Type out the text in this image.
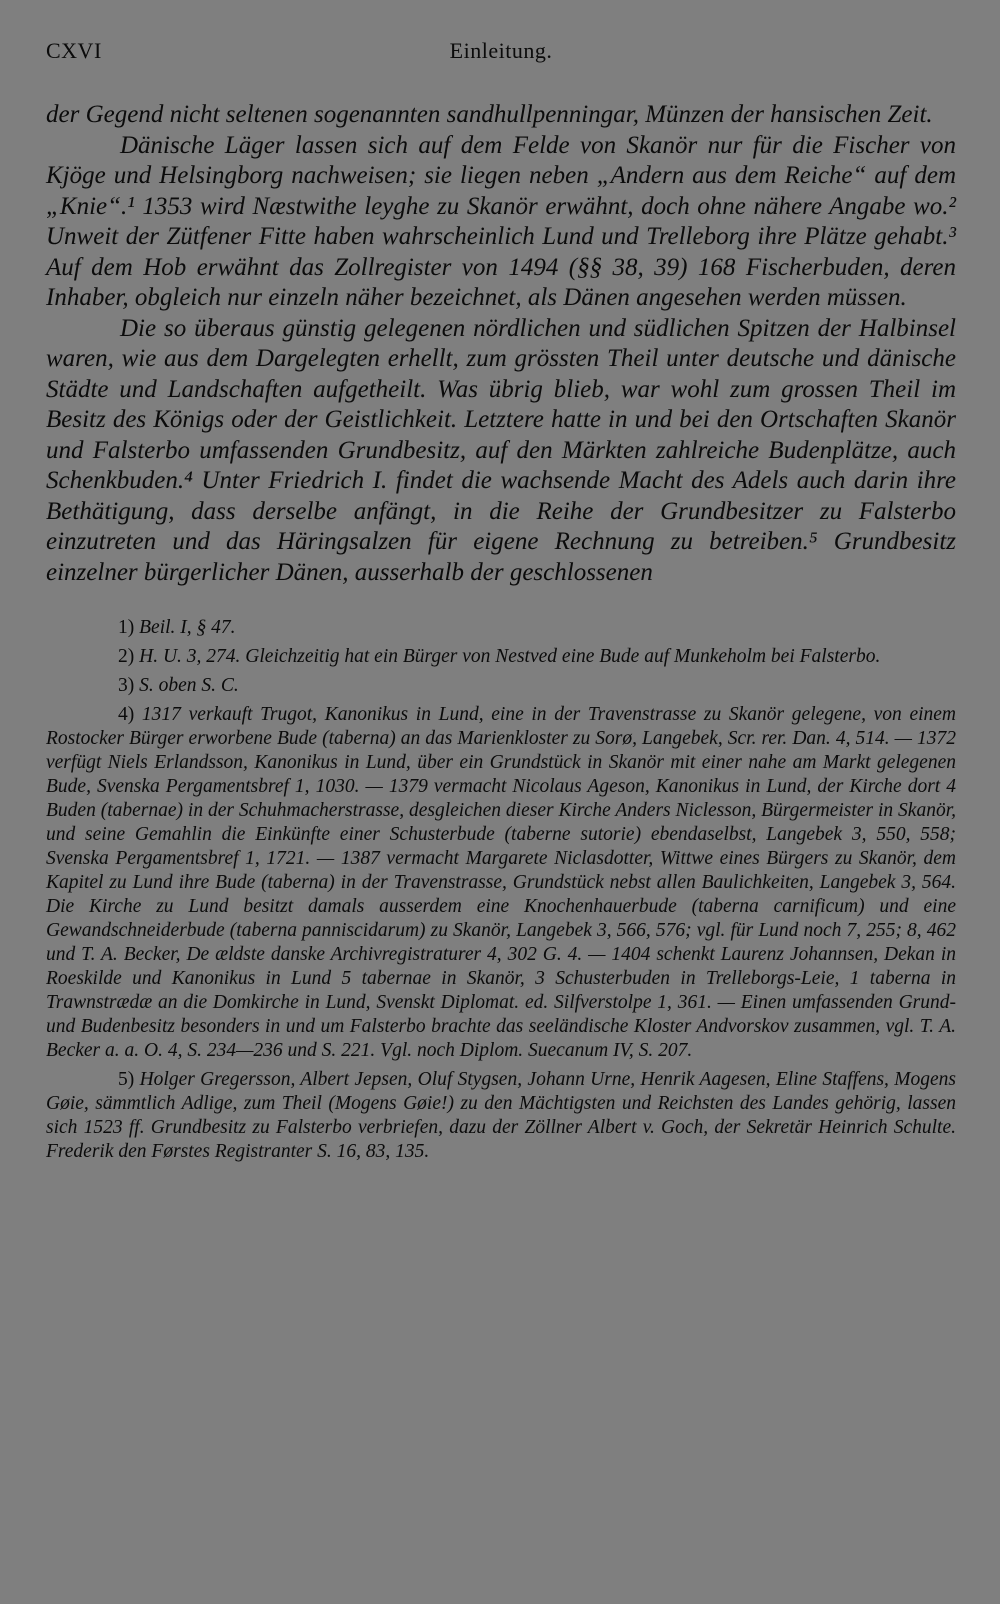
CXVI	Einleitung.

der Gegend nicht seltenen sogenannten sandhullpenningar, Münzen der hansischen Zeit.

Dänische Läger lassen sich auf dem Felde von Skanör nur für die Fischer von Kjöge und Helsingborg nachweisen; sie liegen neben „Andern aus dem Reiche“ auf dem „Knie“.¹ 1353 wird Næstwithe leyghe zu Skanör erwähnt, doch ohne nähere Angabe wo.² Unweit der Zütfener Fitte haben wahrscheinlich Lund und Trelleborg ihre Plätze gehabt.³ Auf dem Hob erwähnt das Zollregister von 1494 (§§ 38, 39) 168 Fischerbuden, deren Inhaber, obgleich nur einzeln näher bezeichnet, als Dänen angesehen werden müssen.

Die so überaus günstig gelegenen nördlichen und südlichen Spitzen der Halbinsel waren, wie aus dem Dargelegten erhellt, zum grössten Theil unter deutsche und dänische Städte und Landschaften aufgetheilt. Was übrig blieb, war wohl zum grossen Theil im Besitz des Königs oder der Geistlichkeit. Letztere hatte in und bei den Ortschaften Skanör und Falsterbo umfassenden Grundbesitz, auf den Märkten zahlreiche Budenplätze, auch Schenkbuden.⁴ Unter Friedrich I. findet die wachsende Macht des Adels auch darin ihre Bethätigung, dass derselbe anfängt, in die Reihe der Grundbesitzer zu Falsterbo einzutreten und das Häringsalzen für eigene Rechnung zu betreiben.⁵ Grundbesitz einzelner bürgerlicher Dänen, ausserhalb der geschlossenen

1) Beil. I, § 47.

2) H. U. 3, 274. Gleichzeitig hat ein Bürger von Nestved eine Bude auf Munkeholm bei Falsterbo.

3) S. oben S. C.

4) 1317 verkauft Trugot, Kanonikus in Lund, eine in der Travenstrasse zu Skanör gelegene, von einem Rostocker Bürger erworbene Bude (taberna) an das Marienkloster zu Sorø, Langebek, Scr. rer. Dan. 4, 514. — 1372 verfügt Niels Erlandsson, Kanonikus in Lund, über ein Grundstück in Skanör mit einer nahe am Markt gelegenen Bude, Svenska Pergamentsbref 1, 1030. — 1379 vermacht Nicolaus Ageson, Kanonikus in Lund, der Kirche dort 4 Buden (tabernae) in der Schuhmacherstrasse, desgleichen dieser Kirche Anders Niclesson, Bürgermeister in Skanör, und seine Gemahlin die Einkünfte einer Schusterbude (taberne sutorie) ebendaselbst, Langebek 3, 550, 558; Svenska Pergamentsbref 1, 1721. — 1387 vermacht Margarete Niclasdotter, Wittwe eines Bürgers zu Skanör, dem Kapitel zu Lund ihre Bude (taberna) in der Travenstrasse, Grundstück nebst allen Baulichkeiten, Langebek 3, 564. Die Kirche zu Lund besitzt damals ausserdem eine Knochenhauerbude (taberna carnificum) und eine Gewandschneiderbude (taberna panniscidarum) zu Skanör, Langebek 3, 566, 576; vgl. für Lund noch 7, 255; 8, 462 und T. A. Becker, De ældste danske Archivregistraturer 4, 302 G. 4. — 1404 schenkt Laurenz Johannsen, Dekan in Roeskilde und Kanonikus in Lund 5 tabernae in Skanör, 3 Schusterbuden in Trelleborgs-Leie, 1 taberna in Trawnstrædæ an die Domkirche in Lund, Svenskt Diplomat. ed. Silfverstolpe 1, 361. — Einen umfassenden Grund- und Budenbesitz besonders in und um Falsterbo brachte das seeländische Kloster Andvorskov zusammen, vgl. T. A. Becker a. a. O. 4, S. 234—236 und S. 221. Vgl. noch Diplom. Suecanum IV, S. 207.

5) Holger Gregersson, Albert Jepsen, Oluf Stygsen, Johann Urne, Henrik Aagesen, Eline Staffens, Mogens Gøie, sämmtlich Adlige, zum Theil (Mogens Gøie!) zu den Mächtigsten und Reichsten des Landes gehörig, lassen sich 1523 ff. Grundbesitz zu Falsterbo verbriefen, dazu der Zöllner Albert v. Goch, der Sekretär Heinrich Schulte. Frederik den Førstes Registranter S. 16, 83, 135.
